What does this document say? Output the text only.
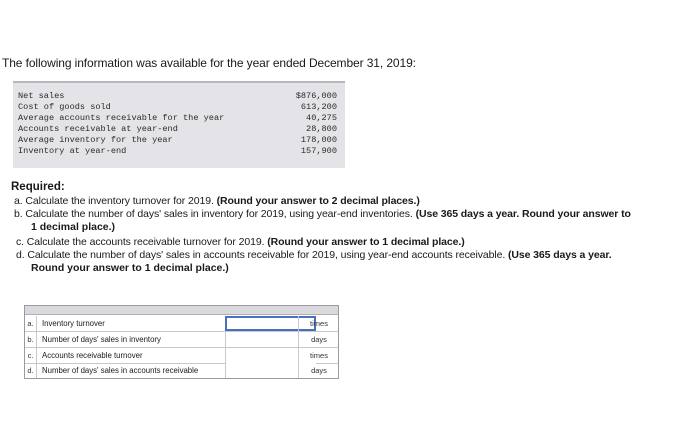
The following information was available for the year ended December 31, 2019:
Net sales	$876,000
Cost of goods sold	613,200
Average accounts receivable for the year	40,275
Accounts receivable at year-end	28,800
Average inventory for the year	178,000
Inventory at year-end	157,900
Required:
a. Calculate the inventory turnover for 2019. (Round your answer to 2 decimal places.)
b. Calculate the number of days' sales in inventory for 2019, using year-end inventories. (Use 365 days a year. Round your answer to
1 decimal place.)
c. Calculate the accounts receivable turnover for 2019. (Round your answer to 1 decimal place.)
d. Calculate the number of days' sales in accounts receivable for 2019, using year-end accounts receivable. (Use 365 days a year.
Round your answer to 1 decimal place.)
a.	Inventory turnover	times
b.	Number of days' sales in inventory	days
c.	Accounts receivable turnover	times
d.	Number of days' sales in accounts receivable	days
